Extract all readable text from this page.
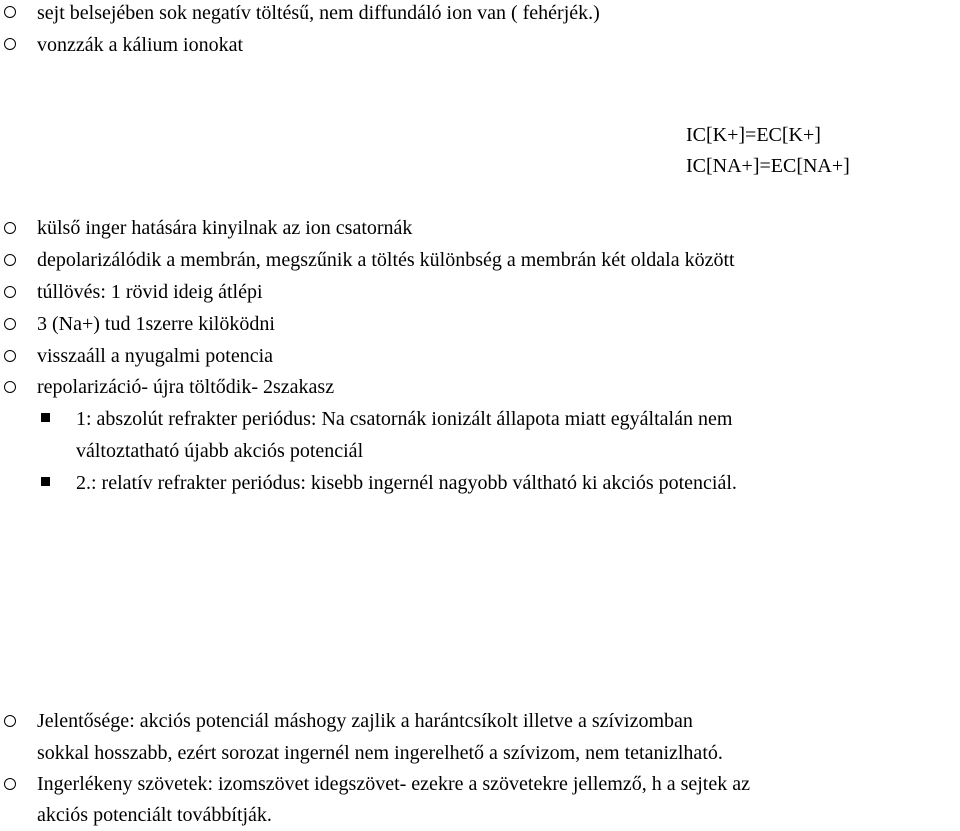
sejt belsejében sok negatív töltésű, nem diffundáló ion van ( fehérjék.)
vonzzák a kálium ionokat
IC[K+]=EC[K+]
IC[NA+]=EC[NA+]
külső inger hatására kinyilnak az ion csatornák
depolarizálódik a membrán, megszűnik a töltés különbség a membrán két oldala között
túllövés: 1 rövid ideig átlépi
3 (Na+) tud 1szerre kilöködni
visszaáll a nyugalmi potencia
repolarizáció- újra töltődik- 2szakasz
1: abszolút refrakter periódus: Na csatornák ionizált állapota miatt egyáltalán nem
változtatható újabb akciós potenciál
2.: relatív refrakter periódus: kisebb ingernél nagyobb váltható ki akciós potenciál.
Jelentősége: akciós potenciál máshogy zajlik a harántcsíkolt illetve a szívizomban
sokkal hosszabb, ezért sorozat ingernél nem ingerelhető a szívizom, nem tetanizlható.
Ingerlékeny szövetek: izomszövet idegszövet- ezekre a szövetekre jellemző, h a sejtek az
akciós potenciált továbbítják.
